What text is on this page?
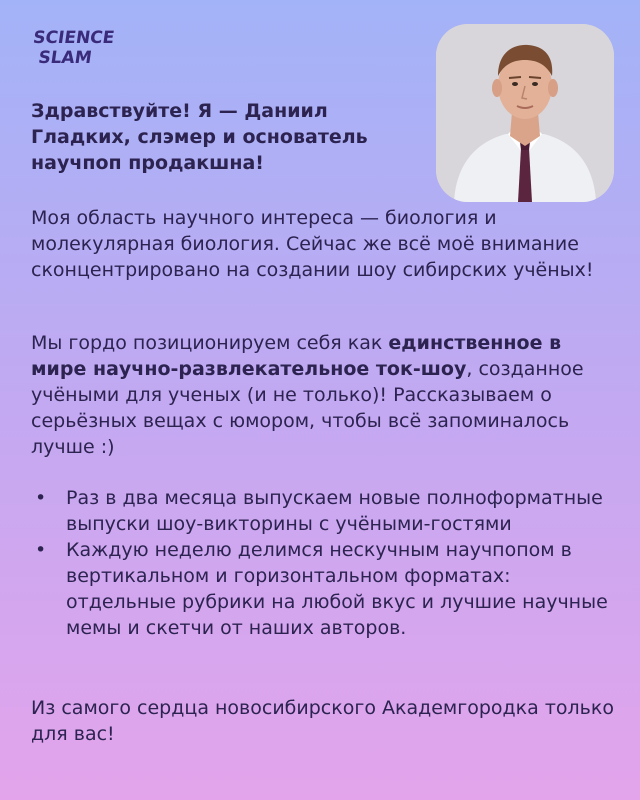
SCIENCE
SLAM

Здравствуйте! Я — Даниил Гладких, слэмер и основатель научпоп продакшна!

Моя область научного интереса — биология и молекулярная биология. Сейчас же всё моё внимание сконцентрировано на создании шоу сибирских учёных!

Мы гордо позиционируем себя как единственное в мире научно-развлекательное ток-шоу, созданное учёными для ученых (и не только)! Рассказываем о серьёзных вещах с юмором, чтобы всё запоминалось лучше :)

• Раз в два месяца выпускаем новые полноформатные выпуски шоу-викторины с учёными-гостями
• Каждую неделю делимся нескучным научпопом в вертикальном и горизонтальном форматах: отдельные рубрики на любой вкус и лучшие научные мемы и скетчи от наших авторов.

Из самого сердца новосибирского Академгородка только для вас!
